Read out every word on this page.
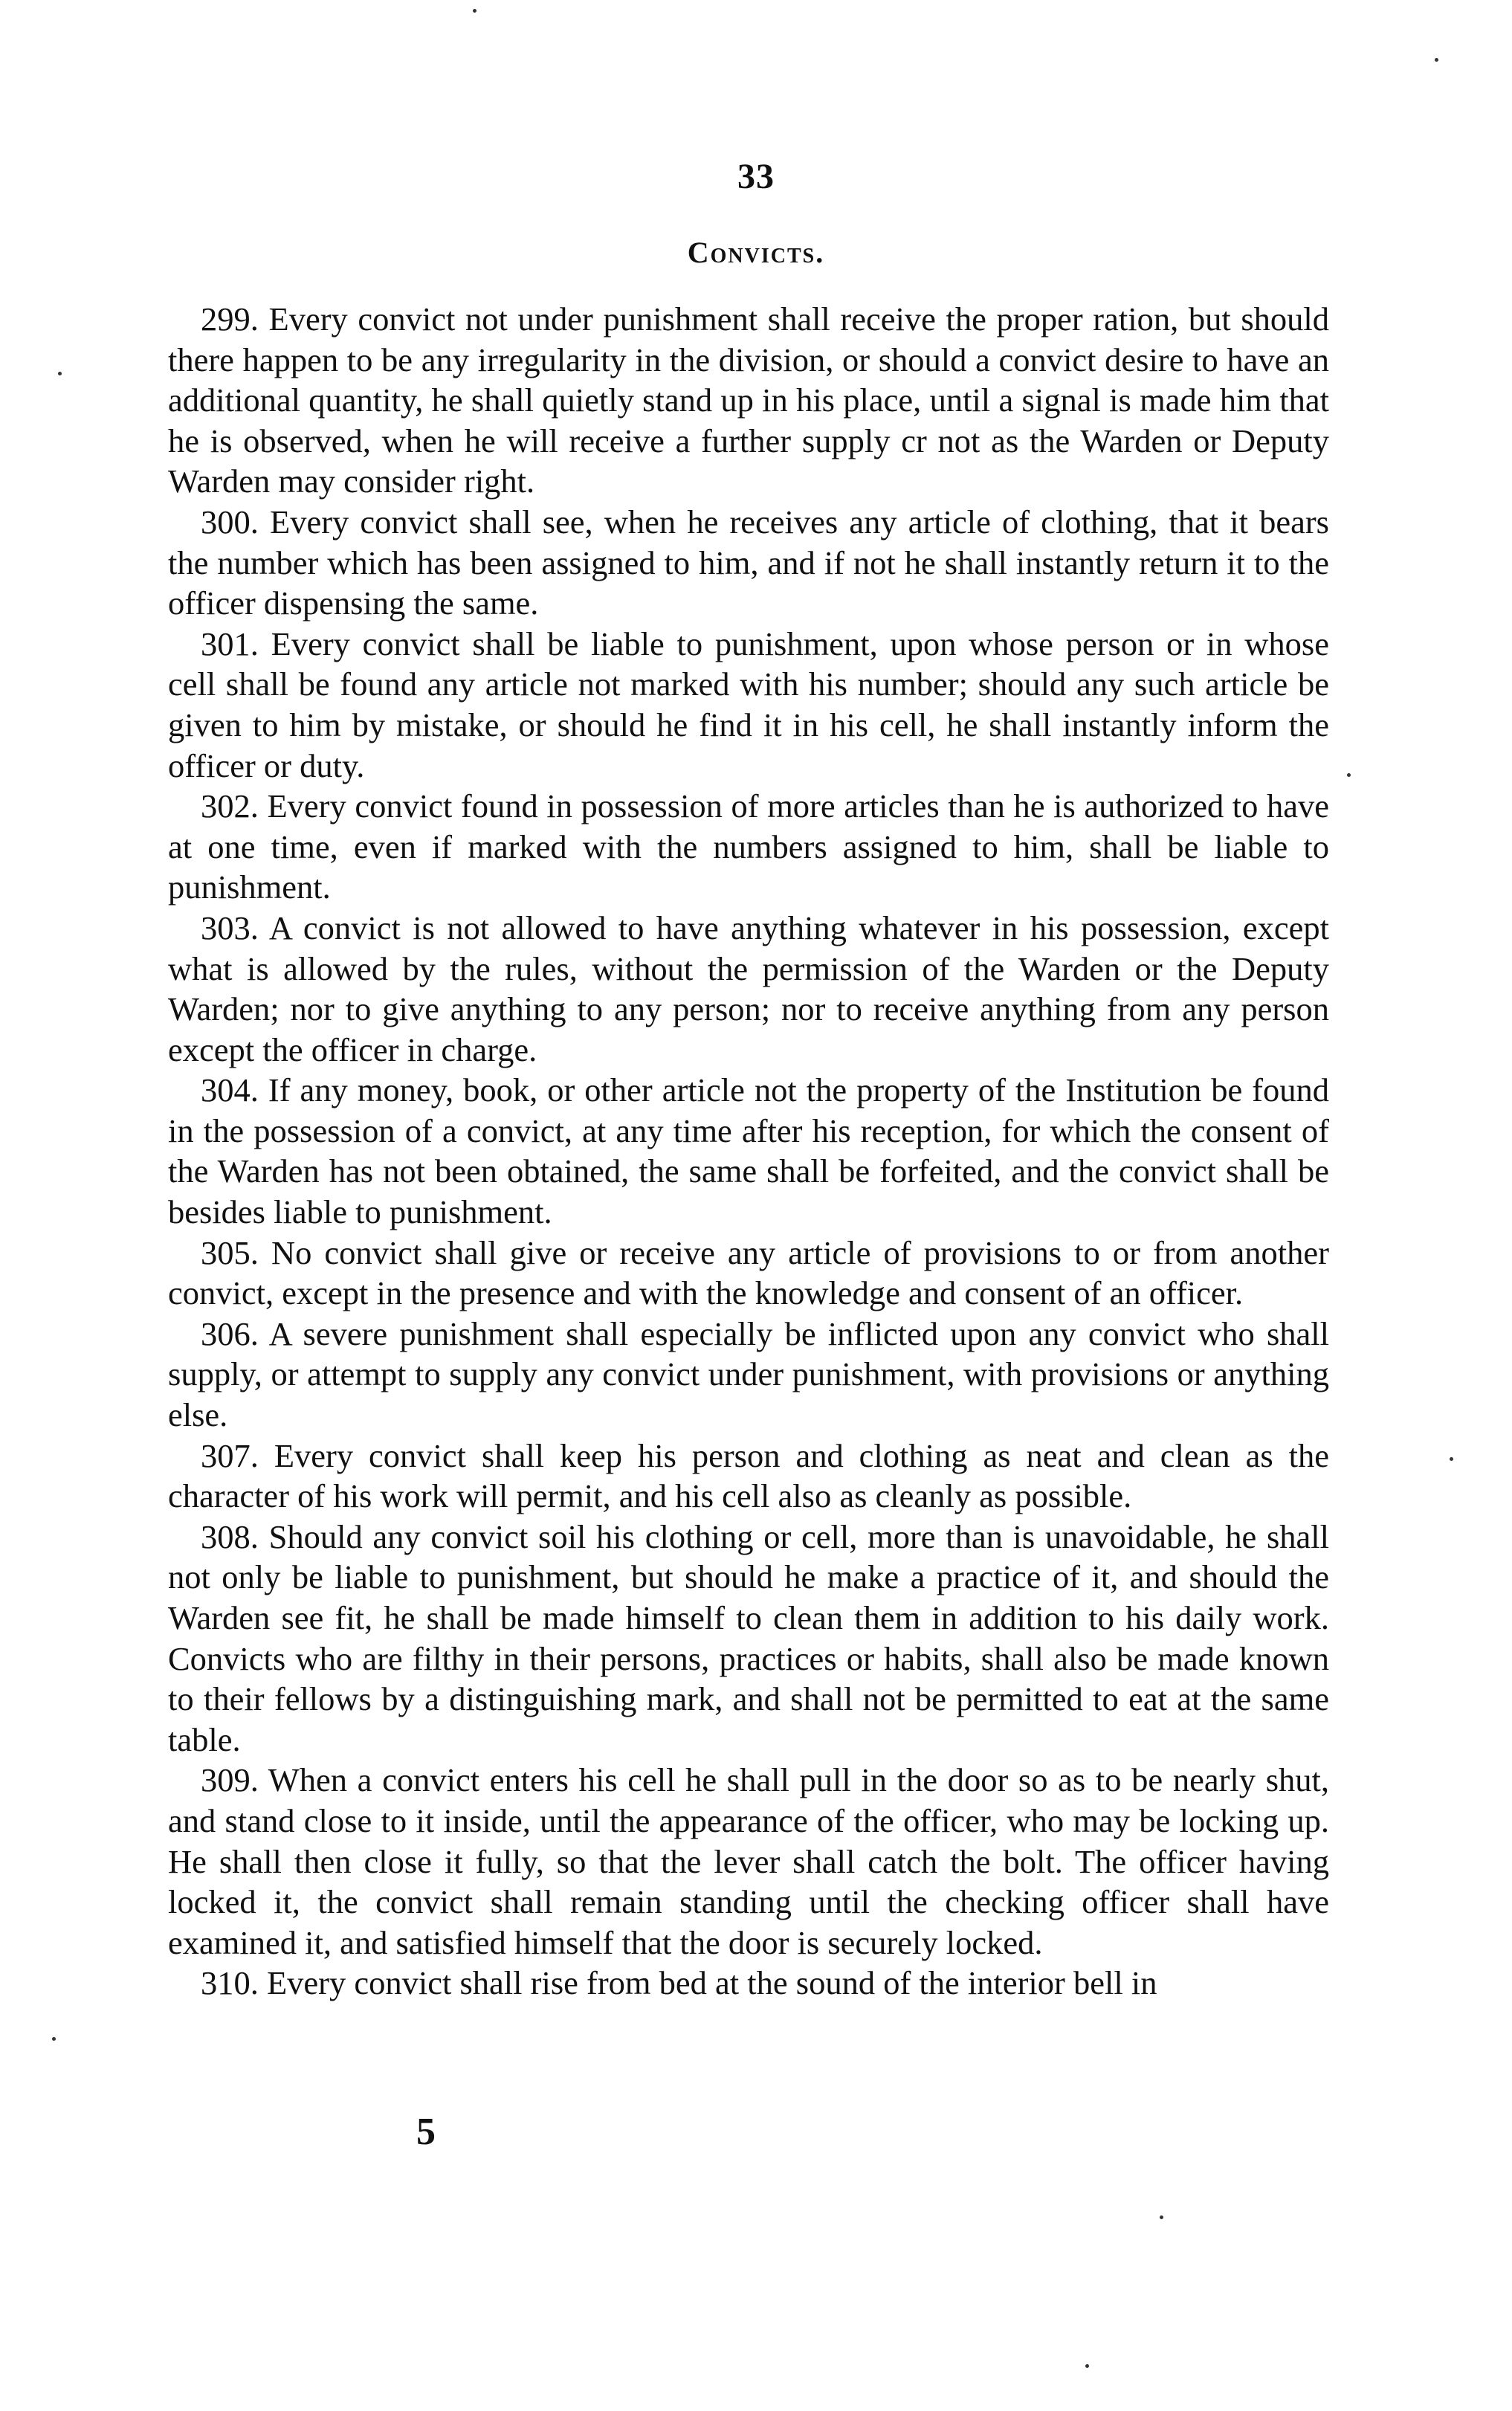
33
Convicts.

299. Every convict not under punishment shall receive the proper ration, but should there happen to be any irregularity in the division, or should a convict desire to have an additional quantity, he shall quietly stand up in his place, until a signal is made him that he is observed, when he will receive a further supply cr not as the Warden or Deputy Warden may consider right.

300. Every convict shall see, when he receives any article of clothing, that it bears the number which has been assigned to him, and if not he shall instantly return it to the officer dispensing the same.

301. Every convict shall be liable to punishment, upon whose person or in whose cell shall be found any article not marked with his number; should any such article be given to him by mistake, or should he find it in his cell, he shall instantly inform the officer or duty.

302. Every convict found in possession of more articles than he is authorized to have at one time, even if marked with the numbers assigned to him, shall be liable to punishment.

303. A convict is not allowed to have anything whatever in his possession, except what is allowed by the rules, without the permission of the Warden or the Deputy Warden; nor to give anything to any person; nor to receive anything from any person except the officer in charge.

304. If any money, book, or other article not the property of the Institution be found in the possession of a convict, at any time after his reception, for which the consent of the Warden has not been obtained, the same shall be forfeited, and the convict shall be besides liable to punishment.

305. No convict shall give or receive any article of provisions to or from another convict, except in the presence and with the knowledge and consent of an officer.

306. A severe punishment shall especially be inflicted upon any convict who shall supply, or attempt to supply any convict under punishment, with provisions or anything else.

307. Every convict shall keep his person and clothing as neat and clean as the character of his work will permit, and his cell also as cleanly as possible.

308. Should any convict soil his clothing or cell, more than is unavoidable, he shall not only be liable to punishment, but should he make a practice of it, and should the Warden see fit, he shall be made himself to clean them in addition to his daily work. Convicts who are filthy in their persons, practices or habits, shall also be made known to their fellows by a distinguishing mark, and shall not be permitted to eat at the same table.

309. When a convict enters his cell he shall pull in the door so as to be nearly shut, and stand close to it inside, until the appearance of the officer, who may be locking up. He shall then close it fully, so that the lever shall catch the bolt. The officer having locked it, the convict shall remain standing until the checking officer shall have examined it, and satisfied himself that the door is securely locked.

310. Every convict shall rise from bed at the sound of the interior bell in

5
